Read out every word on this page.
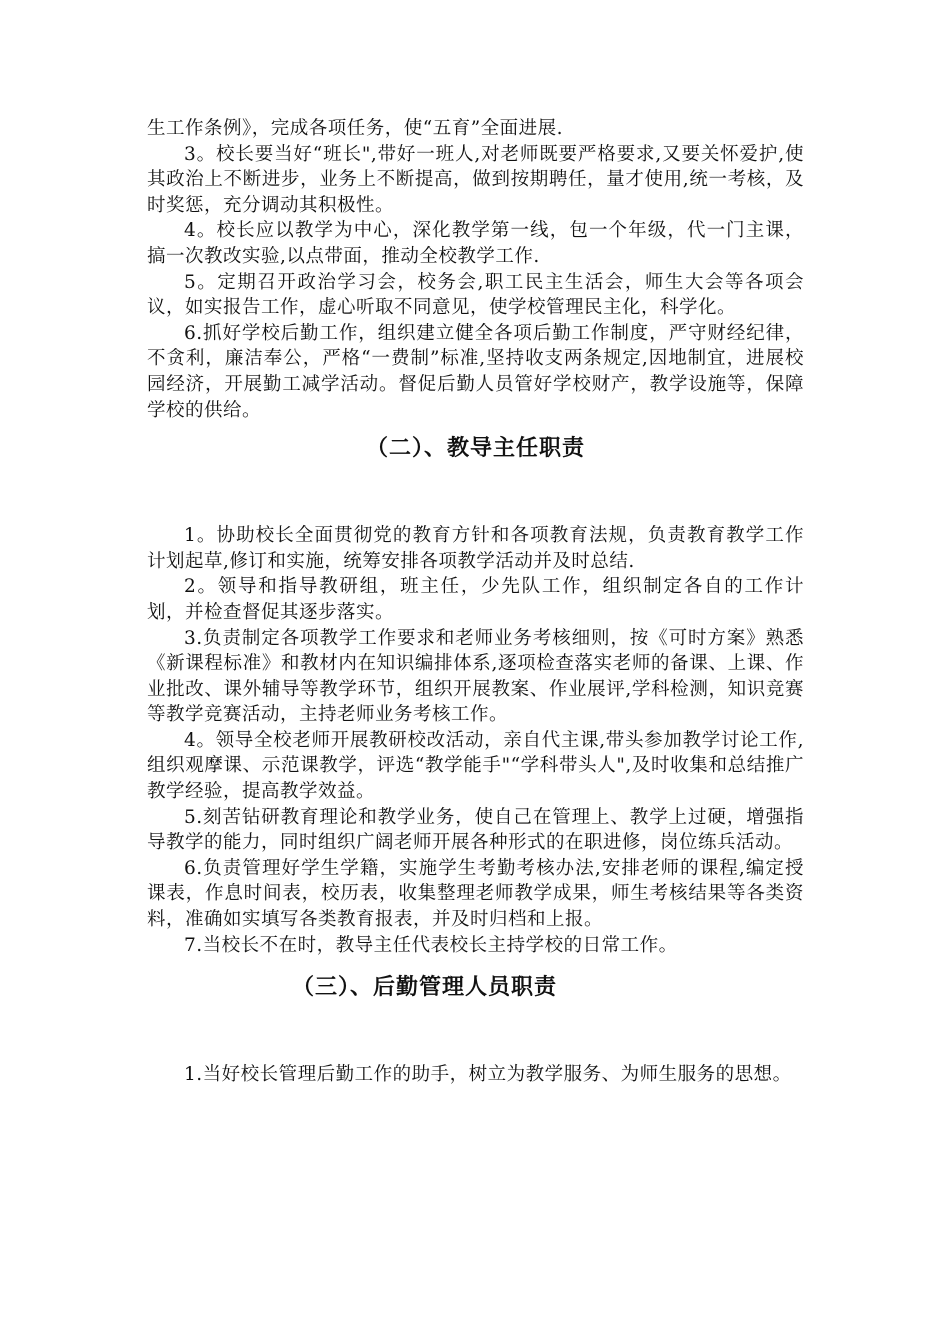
生工作条例》，完成各项任务，使“五育”全面进展.

3。校长要当好“班长",带好一班人,对老师既要严格要求,又要关怀爱护,使其政治上不断进步，业务上不断提高，做到按期聘任，量才使用,统一考核，及时奖惩，充分调动其积极性。

4。校长应以教学为中心，深化教学第一线，包一个年级，代一门主课，搞一次教改实验,以点带面，推动全校教学工作.

5。定期召开政治学习会，校务会,职工民主生活会，师生大会等各项会议，如实报告工作，虚心听取不同意见，使学校管理民主化，科学化。

6.抓好学校后勤工作，组织建立健全各项后勤工作制度，严守财经纪律，不贪利，廉洁奉公，严格“一费制”标准,坚持收支两条规定,因地制宜，进展校园经济，开展勤工减学活动。督促后勤人员管好学校财产，教学设施等，保障学校的供给。

（二）、教导主任职责

1。协助校长全面贯彻党的教育方针和各项教育法规，负责教育教学工作计划起草,修订和实施，统筹安排各项教学活动并及时总结.

2。领导和指导教研组，班主任，少先队工作，组织制定各自的工作计划，并检查督促其逐步落实。

3.负责制定各项教学工作要求和老师业务考核细则，按《可时方案》熟悉《新课程标准》和教材内在知识编排体系,逐项检查落实老师的备课、上课、作业批改、课外辅导等教学环节，组织开展教案、作业展评,学科检测，知识竞赛等教学竞赛活动，主持老师业务考核工作。

4。领导全校老师开展教研校改活动，亲自代主课,带头参加教学讨论工作,组织观摩课、示范课教学，评选“教学能手"“学科带头人",及时收集和总结推广教学经验，提高教学效益。

5.刻苦钻研教育理论和教学业务，使自己在管理上、教学上过硬，增强指导教学的能力，同时组织广阔老师开展各种形式的在职进修，岗位练兵活动。

6.负责管理好学生学籍，实施学生考勤考核办法,安排老师的课程,编定授课表，作息时间表，校历表，收集整理老师教学成果，师生考核结果等各类资料，准确如实填写各类教育报表，并及时归档和上报。

7.当校长不在时，教导主任代表校长主持学校的日常工作。

（三）、后勤管理人员职责

1.当好校长管理后勤工作的助手，树立为教学服务、为师生服务的思想。
